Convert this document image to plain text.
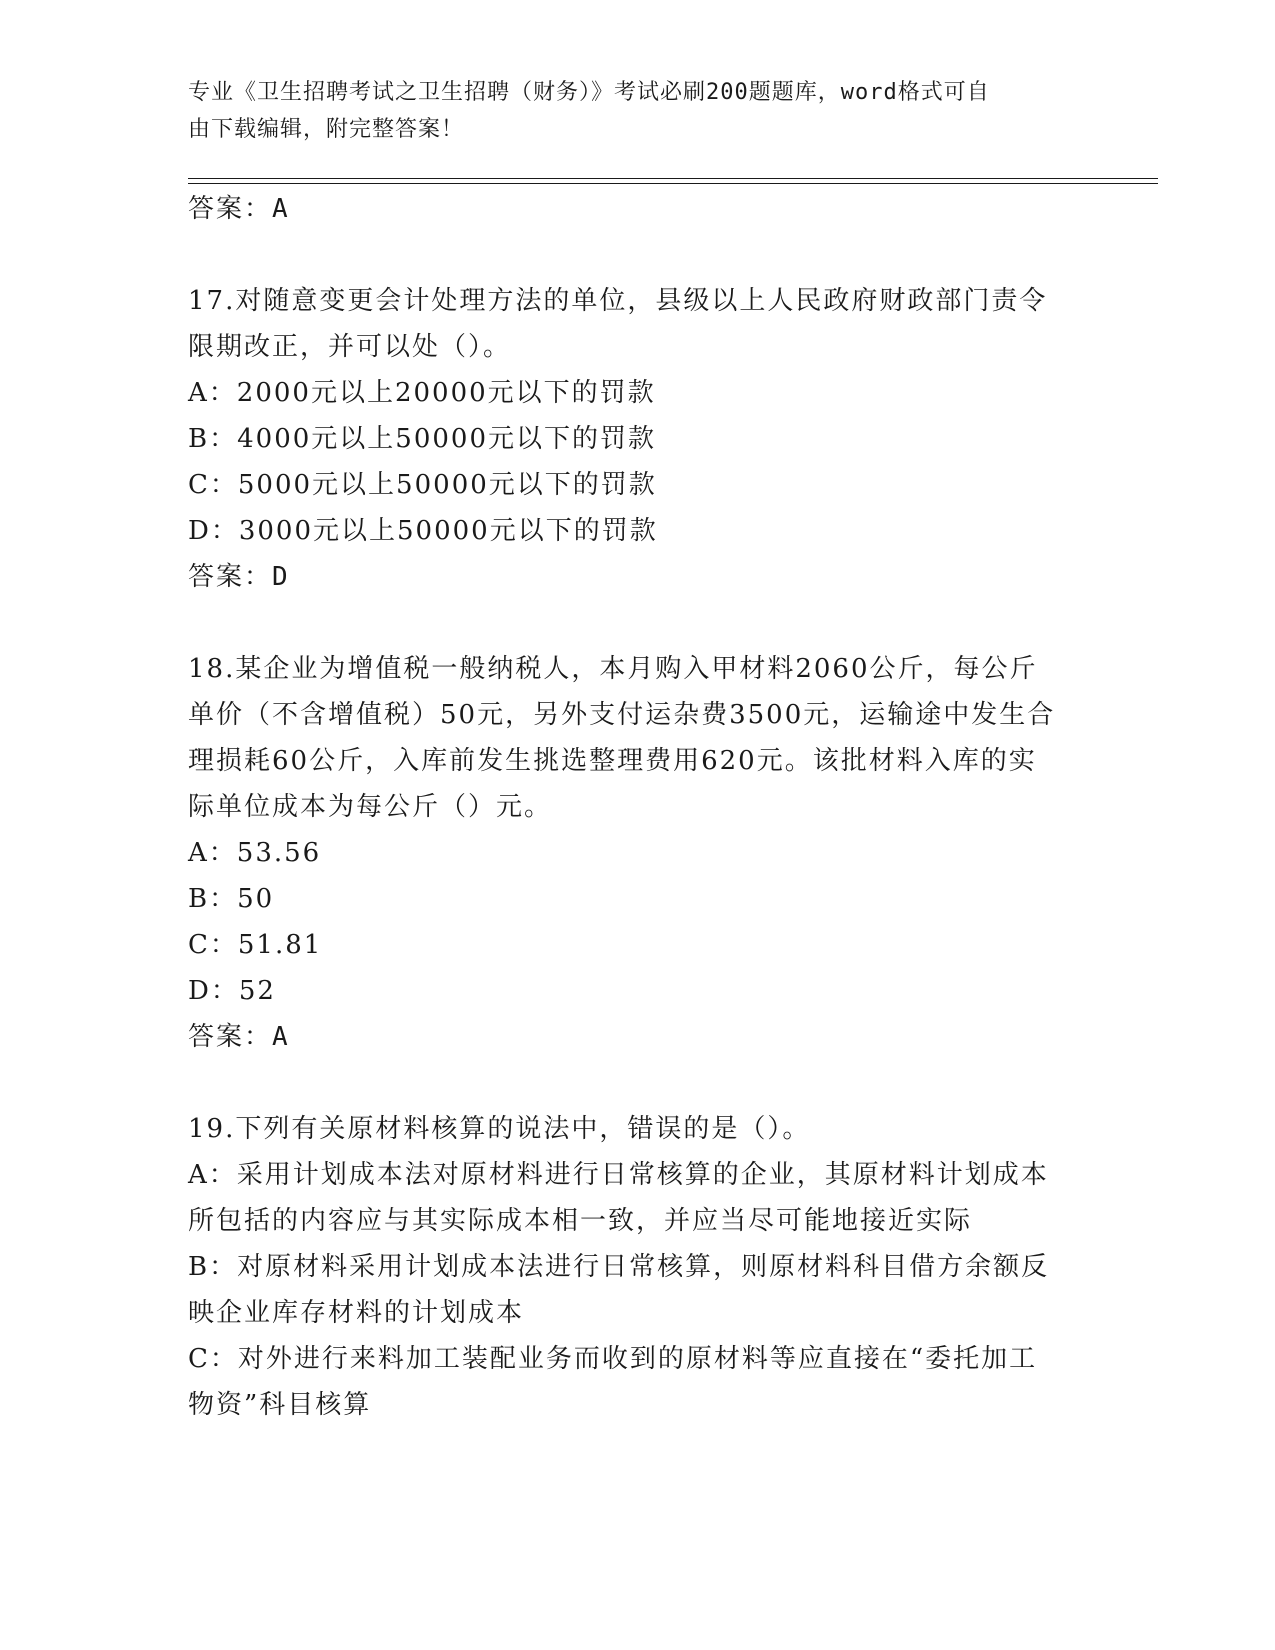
专业《卫生招聘考试之卫生招聘（财务）》考试必刷200题题库，word格式可自
由下载编辑，附完整答案！

答案：A

17.对随意变更会计处理方法的单位，县级以上人民政府财政部门责令

限期改正，并可以处（）。

A：2000元以上20000元以下的罚款

B：4000元以上50000元以下的罚款

C：5000元以上50000元以下的罚款

D：3000元以上50000元以下的罚款

答案：D

18.某企业为增值税一般纳税人，本月购入甲材料2060公斤，每公斤

单价（不含增值税）50元，另外支付运杂费3500元，运输途中发生合

理损耗60公斤，入库前发生挑选整理费用620元。该批材料入库的实

际单位成本为每公斤（）元。

A：53.56

B：50

C：51.81

D：52

答案：A

19.下列有关原材料核算的说法中，错误的是（）。

A：采用计划成本法对原材料进行日常核算的企业，其原材料计划成本

所包括的内容应与其实际成本相一致，并应当尽可能地接近实际

B：对原材料采用计划成本法进行日常核算，则原材料科目借方余额反

映企业库存材料的计划成本

C：对外进行来料加工装配业务而收到的原材料等应直接在“委托加工

物资”科目核算
